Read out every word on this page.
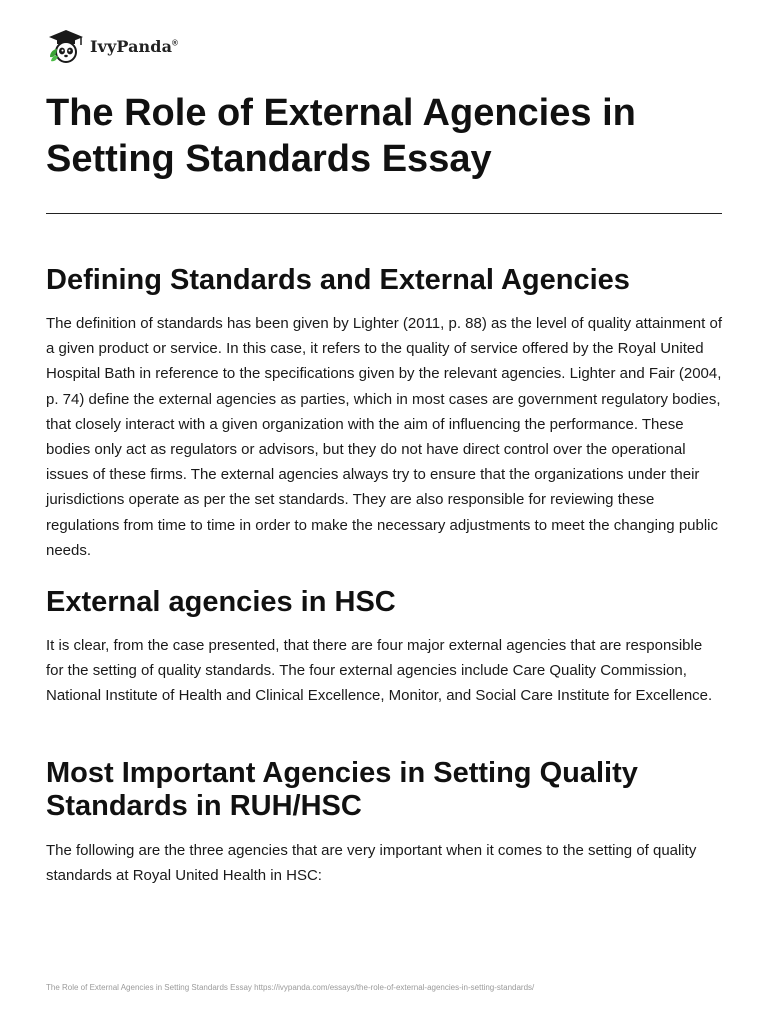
IvyPanda®
The Role of External Agencies in Setting Standards Essay
Defining Standards and External Agencies

The definition of standards has been given by Lighter (2011, p. 88) as the level of quality attainment of a given product or service. In this case, it refers to the quality of service offered by the Royal United Hospital Bath in reference to the specifications given by the relevant agencies. Lighter and Fair (2004, p. 74) define the external agencies as parties, which in most cases are government regulatory bodies, that closely interact with a given organization with the aim of influencing the performance. These bodies only act as regulators or advisors, but they do not have direct control over the operational issues of these firms. The external agencies always try to ensure that the organizations under their jurisdictions operate as per the set standards. They are also responsible for reviewing these regulations from time to time in order to make the necessary adjustments to meet the changing public needs.

External agencies in HSC

It is clear, from the case presented, that there are four major external agencies that are responsible for the setting of quality standards. The four external agencies include Care Quality Commission, National Institute of Health and Clinical Excellence, Monitor, and Social Care Institute for Excellence.

Most Important Agencies in Setting Quality Standards in RUH/HSC

The following are the three agencies that are very important when it comes to the setting of quality standards at Royal United Health in HSC:

The Role of External Agencies in Setting Standards Essay https://ivypanda.com/essays/the-role-of-external-agencies-in-setting-standards/
